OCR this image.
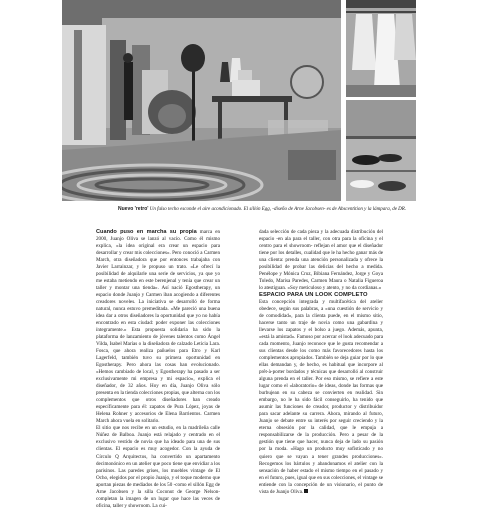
Nuevo 'retro' Un falso techo esconde el aire acondicionado. El sillón Egg, -diseño de Arne Jacobsen- es de Abscentition y la lámpara, de DR.

Cuando puso en marcha su propia marca en 2000, Juanjo Oliva se lanzó al vacío. Como él mismo explica, «la idea original era crear un espacio para desarrollar y crear mis colecciones». Pero conoció a Carmen March, otra diseñadora que por entonces trabajaba con Javier Larrainzar, y le propuso un trato. «Le ofrecí la posibilidad de alquilarle una serie de servicios, ya que yo me estaba metiendo en este berenjenal y tenía que crear un taller y montar una tienda». Así nació Egostherapy, un espacio donde Juanjo y Carmen iban acogiendo a diferentes creadores noveles. La iniciativa se desarrolló de forma natural, nunca estuvo premeditada. «Me pareció una buena idea dar a otros diseñadores la oportunidad que yo no había encontrado en esta ciudad: poder exponer las colecciones íntegramente.» Esta propuesta solidaria ha sido la plataforma de lanzamiento de jóvenes talentos como Ángel Vilda, Isabel Marías o la diseñadora de calzado Leticia Lara. Fosca, que ahora realiza pañuelos para Etro y Karl Lagerfeld, también tuvo su primera oportunidad en Egostherapy. Pero ahora las cosas han evolucionado. «Hemos cambiado de local, y Egostherapy ha pasado a ser exclusivamente mi empresa y mi espacio», explica el diseñador, de 32 años. Hoy en día, Juanjo Oliva sólo presenta en la tienda colecciones propias, que alterna con los complementos que otros diseñadores han creado específicamente para él: zapatos de Pura López, joyas de Helena Rohner y accesorios de Elena Barrientos. Carmen March ahora vuela en solitario.

El sitio que nos recibe en un estudio, en la madrileña calle Núñez de Balboa. Juanjo está relajado y centrado en el exclusivo vestido de novia que ha ideado para una de sus clientas. El espacio es muy acogedor. Con la ayuda de Círculo Q Arquitectos, ha convertido un apartamento decimonónico en un atelier que poco tiene que envidiar a los parisinos. Las paredes grises, los muebles vintage de El Ocho, elegidos por el propio Juanjo, y el toque moderno que aportan piezas de mediados de los 50 -como el sillón Egg de Arne Jacobsen y la silla Coconut de George Nelson- completan la imagen de un lugar que hace las veces de oficina, taller y showroom. La cui-

dada selección de cada pieza y la adecuada distribución del espacio -en ala para el taller, con otra para la oficina y el centro para el showroom- reflejan el amor que el diseñador tiene por los detalles, cualidad que le ha hecho ganar más de una clienta: prenda una atención personalizada y ofrece la posibilidad de probar las delicias del hecho a medida. Penélope y Mónica Cruz, Bibiana Fernández, Jorge y Goya Toledo, Marisa Paredes, Carmen Maura o Natalia Figueroa lo atestiguan. «Soy meticuloso y atento, y no da cordianas.»

ESPACIO PARA UN LOOK COMPLETO

Esta concepción integrada y multifacética del atelier obedece, según sus palabras, a «una cuestión de servicio y de comodidad», para la clienta puede, en el mismo sitio, hacerse tanto un traje de novia como una gabardina y llevarse los zapatos y el bolso a juego. Además, apunta, «está la amistad». Famoso por acercar el look adecuado para cada momento, Juanjo reconoce que le gusta recomendar a sus clientas desde los como más favorecedores hasta los complementos apropiados. También se deja guiar por lo que ellas demandan y, de hecho, es habitual que incorpore al prêt-à-porter bordados y técnicas que desarrolló al construir alguna prenda en el taller. Por eso mismo, se refiere a este lugar como el «laboratorio» de ideas, donde las formas que burbujean en su cabeza se convierten en realidad. Sin embargo, no le ha sido fácil conseguirlo, ha tenido que asumir las funciones de creador, productor y distribuidor para sacar adelante su carrera. Ahora, mirando al futuro, Juanjo se debate entre su interés por seguir creciendo y la eterna obsesión por la calidad, que le empuja a responsabilizarse de la producción. Pero a pesar de la gestión que tiene que hacer, nunca deja de lado su pasión por la moda. «Hago un producto muy sofisticado y no quiero que se vayan a tener grandes producciones». Recogemos los bártulos y abandonamos el atelier con la sensación de haber estado el mismo tiempo en el pasado y en el futuro, pues, igual que en sus colecciones, el vintage se entiende con la concepción de un visionario, el punto de vista de Juanjo Oliva.
